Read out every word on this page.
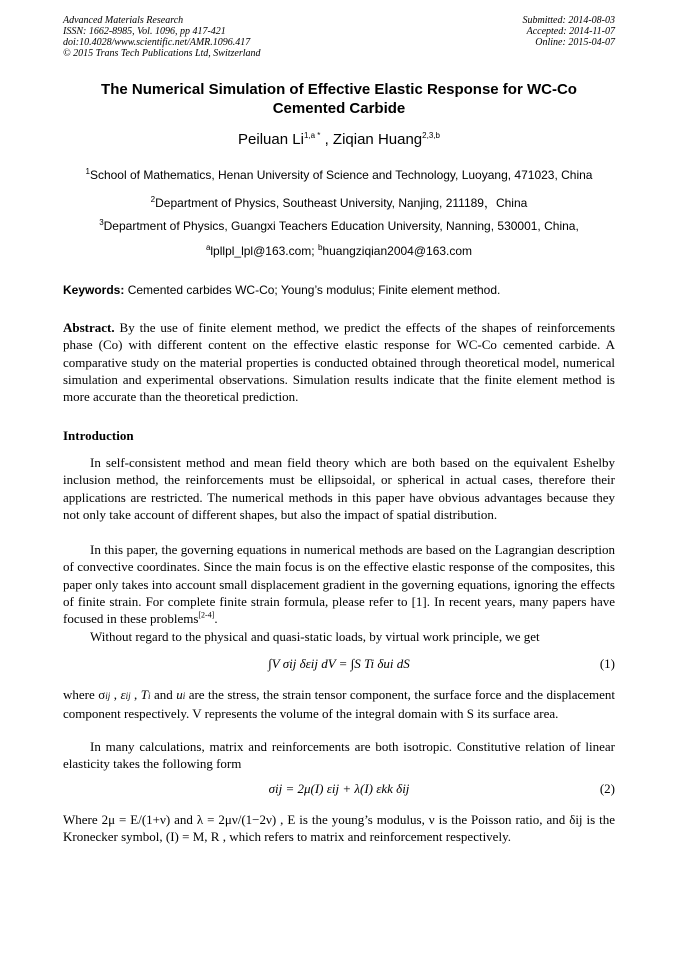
Advanced Materials Research
ISSN: 1662-8985, Vol. 1096, pp 417-421
doi:10.4028/www.scientific.net/AMR.1096.417
© 2015 Trans Tech Publications Ltd, Switzerland
Submitted: 2014-08-03
Accepted: 2014-11-07
Online: 2015-04-07
The Numerical Simulation of Effective Elastic Response for WC-Co Cemented Carbide
Peiluan $Li^{1,a *}$ , Ziqian Huang$^{2,3,b}$
$^1$School of Mathematics, Henan University of Science and Technology, Luoyang, 471023, China
$^2$Department of Physics, Southeast University, Nanjing, 211189，China
$^3$Department of Physics, Guangxi Teachers Education University, Nanning, 530001, China,
$^a$lpllpl_lpl@163.com; $^b$huangziqian2004@163.com
Keywords: Cemented carbides WC-Co; Young’s modulus; Finite element method.
Abstract. By the use of finite element method, we predict the effects of the shapes of reinforcements phase (Co) with different content on the effective elastic response for WC-Co cemented carbide. A comparative study on the material properties is conducted obtained through theoretical model, numerical simulation and experimental observations. Simulation results indicate that the finite element method is more accurate than the theoretical prediction.
Introduction
In self-consistent method and mean field theory which are both based on the equivalent Eshelby inclusion method, the reinforcements must be ellipsoidal, or spherical in actual cases, therefore their applications are restricted. The numerical methods in this paper have obvious advantages because they not only take account of different shapes, but also the impact of spatial distribution.
In this paper, the governing equations in numerical methods are based on the Lagrangian description of convective coordinates. Since the main focus is on the effective elastic response of the composites, this paper only takes into account small displacement gradient in the governing equations, ignoring the effects of finite strain. For complete finite strain formula, please refer to [1]. In recent years, many papers have focused in these problems[2-4].
Without regard to the physical and quasi-static loads, by virtual work principle, we get
∫V σij δεij dV = ∫S Ti δui dS	(1)
where σij , εij , Ti and ui are the stress, the strain tensor component, the surface force and the displacement component respectively. V represents the volume of the integral domain with S its surface area.
In many calculations, matrix and reinforcements are both isotropic. Constitutive relation of linear elasticity takes the following form
σij = 2μ(I) εij + λ(I) εkk δij	(2)
Where 2μ = E/(1+ν) and λ = 2μν/(1−2ν) , E is the young’s modulus, ν is the Poisson ratio, and δij is the Kronecker symbol, (I) = M, R , which refers to matrix and reinforcement respectively.
